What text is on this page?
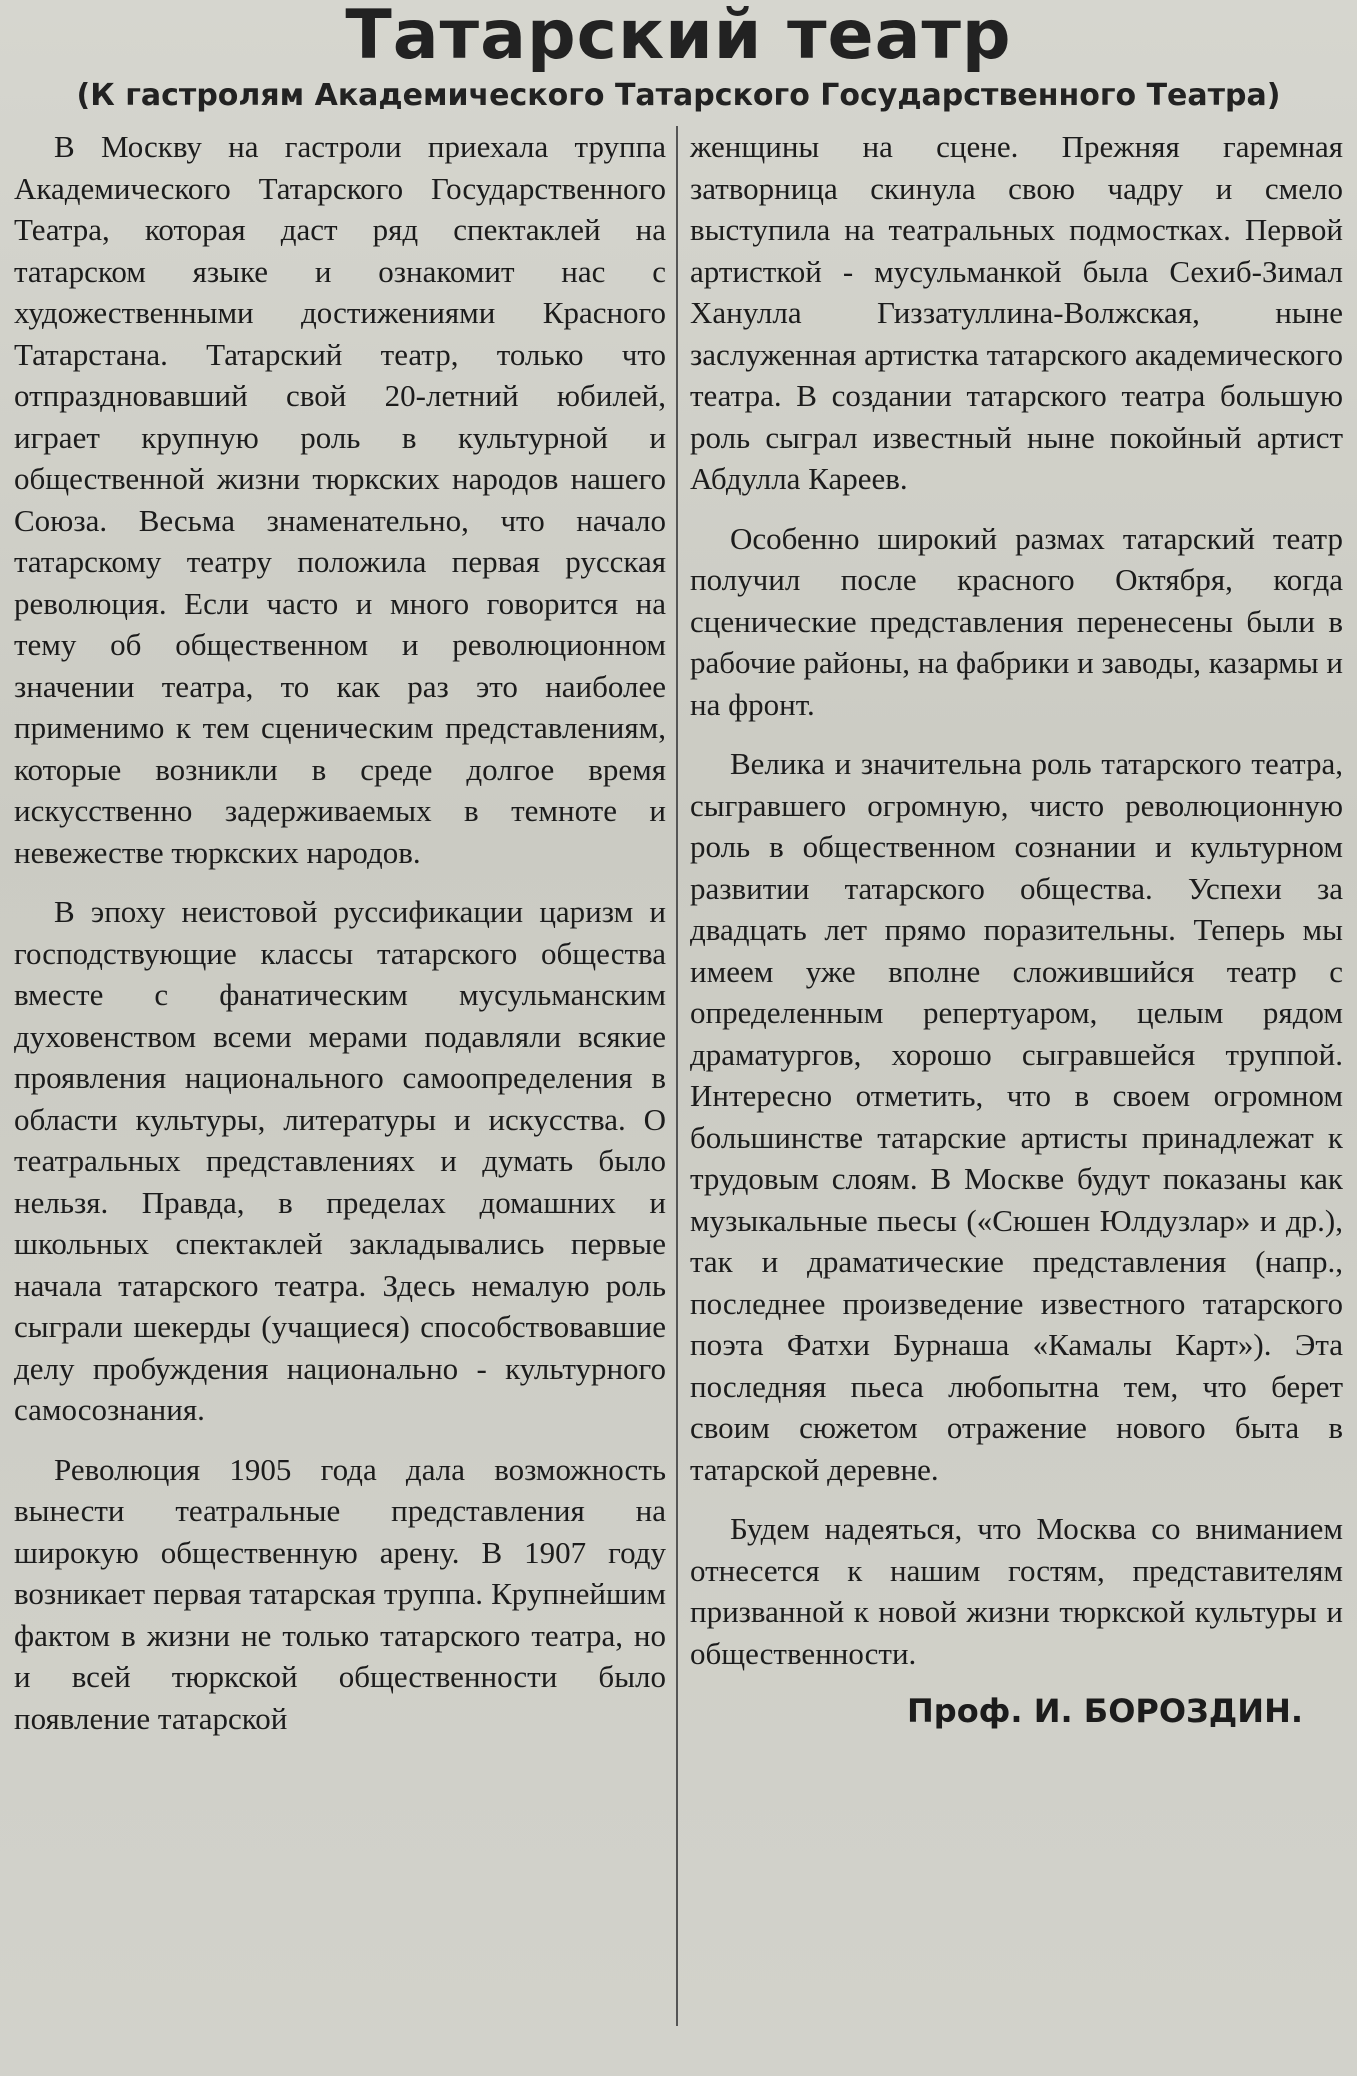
Татарский театр
(К гастролям Академического Татарского Государственного Театра)

В Москву на гастроли приехала труппа Академического Татарского Государственного Театра, которая даст ряд спектаклей на татарском языке и ознакомит нас с художественными достижениями Красного Татарстана. Татарский театр, только что отпраздновавший свой 20-летний юбилей, играет крупную роль в культурной и общественной жизни тюркских народов нашего Союза. Весьма знаменательно, что начало татарскому театру положила первая русская революция. Если часто и много говорится на тему об общественном и революционном значении театра, то как раз это наиболее применимо к тем сценическим представлениям, которые возникли в среде долгое время искусственно задерживаемых в темноте и невежестве тюркских народов.

В эпоху неистовой руссификации царизм и господствующие классы татарского общества вместе с фанатическим мусульманским духовенством всеми мерами подавляли всякие проявления национального самоопределения в области культуры, литературы и искусства. О театральных представлениях и думать было нельзя. Правда, в пределах домашних и школьных спектаклей закладывались первые начала татарского театра. Здесь немалую роль сыграли шекерды (учащиеся) способствовавшие делу пробуждения национально - культурного самосознания.

Революция 1905 года дала возможность вынести театральные представления на широкую общественную арену. В 1907 году возникает первая татарская труппа. Крупнейшим фактом в жизни не только татарского театра, но и всей тюркской общественности было появление татарской

женщины на сцене. Прежняя гаремная затворница скинула свою чадру и смело выступила на театральных подмостках. Первой артисткой - мусульманкой была Сехиб-Зимал Ханулла Гиззатуллина-Волжская, ныне заслуженная артистка татарского академического театра. В создании татарского театра большую роль сыграл известный ныне покойный артист Абдулла Кареев.

Особенно широкий размах татарский театр получил после красного Октября, когда сценические представления перенесены были в рабочие районы, на фабрики и заводы, казармы и на фронт.

Велика и значительна роль татарского театра, сыгравшего огромную, чисто революционную роль в общественном сознании и культурном развитии татарского общества. Успехи за двадцать лет прямо поразительны. Теперь мы имеем уже вполне сложившийся театр с определенным репертуаром, целым рядом драматургов, хорошо сыгравшейся труппой. Интересно отметить, что в своем огромном большинстве татарские артисты принадлежат к трудовым слоям. В Москве будут показаны как музыкальные пьесы («Сюшен Юлдузлар» и др.), так и драматические представления (напр., последнее произведение известного татарского поэта Фатхи Бурнаша «Камалы Карт»). Эта последняя пьеса любопытна тем, что берет своим сюжетом отражение нового быта в татарской деревне.

Будем надеяться, что Москва со вниманием отнесется к нашим гостям, представителям призванной к новой жизни тюркской культуры и общественности.

Проф. И. БОРОЗДИН.
